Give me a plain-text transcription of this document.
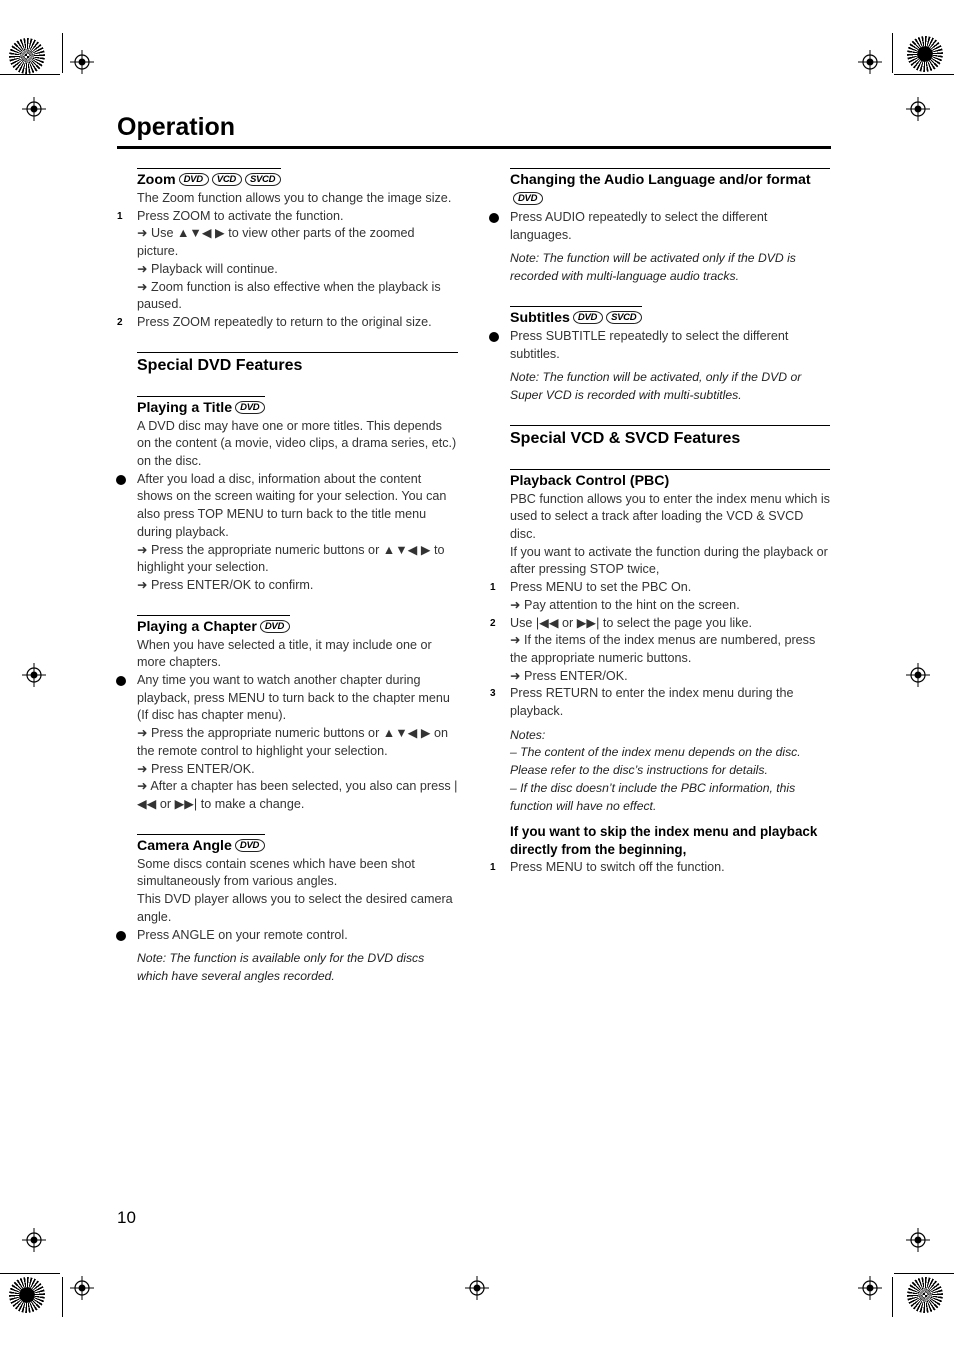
Operation
Zoom DVD VCD SVCD

The Zoom function allows you to change the image size.

1	Press ZOOM to activate the function.

➜ Use ▲▼◀ ▶ to view other parts of the zoomed picture.

➜ Playback will continue.

➜ Zoom function is also effective when the playback is paused.

2	Press ZOOM repeatedly to return to the original size.
Special DVD Features
Playing a Title DVD

A DVD disc may have one or more titles. This depends on the content (a movie, video clips, a drama series, etc.) on the disc.

After you load a disc, information about the content shows on the screen waiting for your selection. You can also press TOP MENU to turn back to the title menu during playback.

➜ Press the appropriate numeric buttons or ▲▼◀ ▶ to highlight your selection.

➜ Press ENTER/OK to confirm.

Playing a Chapter DVD

When you have selected a title, it may include one or more chapters.

Any time you want to watch another chapter during playback, press MENU to turn back to the chapter menu (If disc has chapter menu).

➜ Press the appropriate numeric buttons or ▲▼◀ ▶ on the remote control to highlight your selection.

➜ Press ENTER/OK.

➜ After a chapter has been selected, you also can press |◀◀ or ▶▶| to make a change.

Camera Angle DVD

Some discs contain scenes which have been shot simultaneously from various angles.

This DVD player allows you to select the desired camera angle.

Press ANGLE on your remote control.

Note: The function is available only for the DVD discs which have several angles recorded.

Changing the Audio Language and/or formatDVD
Press AUDIO repeatedly to select the different languages.

Note: The function will be activated only if the DVD is recorded with multi-language audio tracks.

Subtitles DVD SVCD
Press SUBTITLE repeatedly to select the different subtitles.

Note: The function will be activated, only if the DVD or Super VCD is recorded with multi-subtitles.

Special VCD & SVCD Features
Playback Control (PBC)

PBC function allows you to enter the index menu which is used to select a track after loading the VCD & SVCD disc.

If you want to activate the function during the playback or after pressing STOP twice,

1	Press MENU to set the PBC On.

➜ Pay attention to the hint on the screen.

2	Use |◀◀ or ▶▶| to select the page you like.

➜ If the items of the index menus are numbered, press the appropriate numeric buttons.

➜ Press ENTER/OK.

3	Press RETURN to enter the index menu during the playback.

Notes:

– The content of the index menu depends on the disc. Please refer to the disc’s instructions for details.

– If the disc doesn’t include the PBC information, this function will have no effect.

If you want to skip the index menu and playback directly from the beginning,

1	Press MENU to switch off the function.
10
